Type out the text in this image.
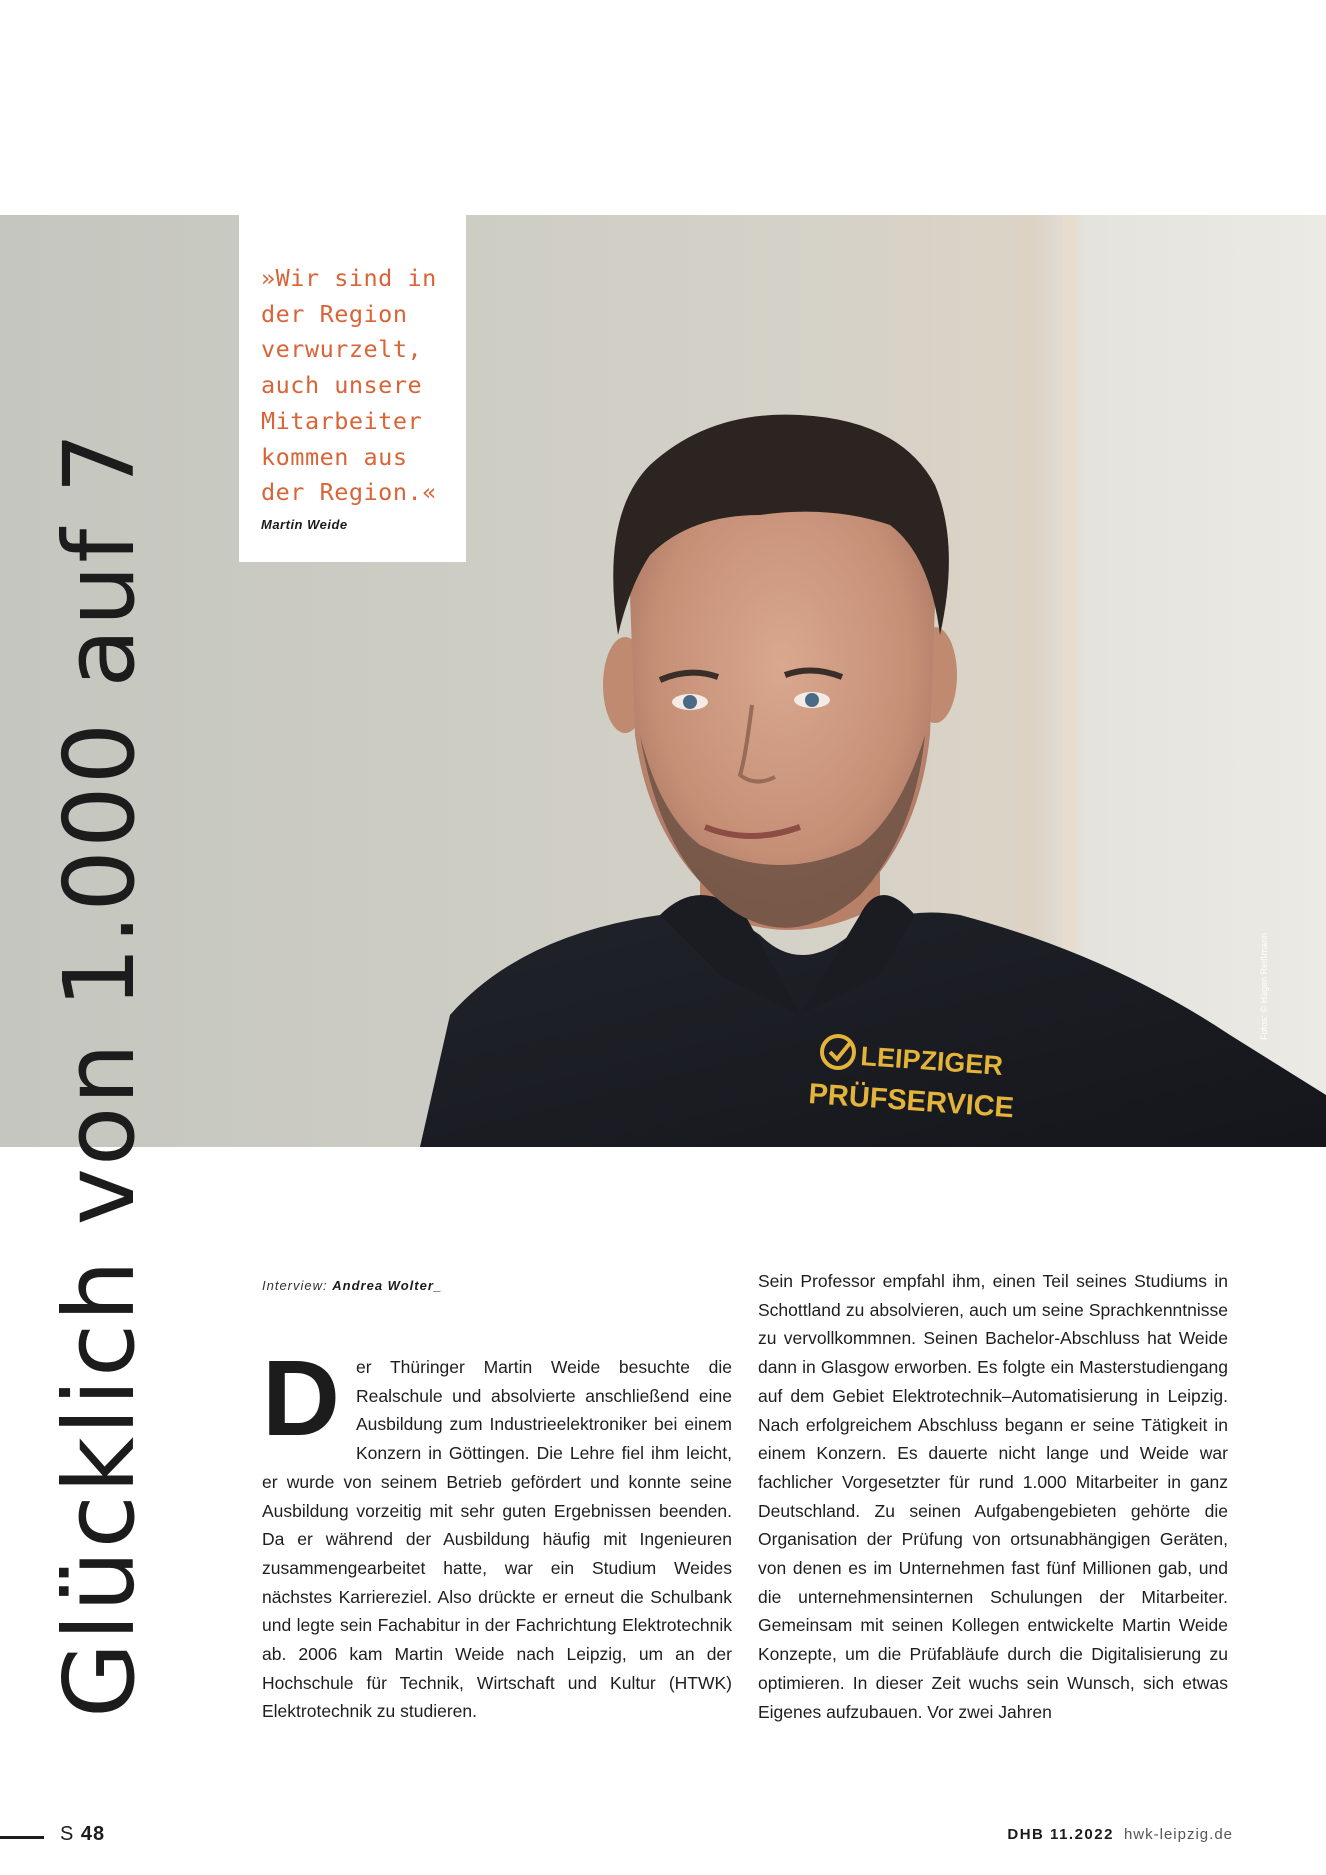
LEIPZIGER
PRÜFSERVICE
Fotos: © Hagen Reißmann
Glücklich von 1.000 auf 7

»Wir sind in
der Region
verwurzelt,
auch unsere
Mitarbeiter
kommen aus
der Region.«

Martin Weide
Interview: Andrea Wolter_
D er Thüringer Martin Weide besuchte die Realschule und absolvierte anschließend eine Ausbildung zum Industrieelektroniker bei einem Konzern in Göttingen. Die Lehre fiel ihm leicht, er wurde von seinem Betrieb gefördert und konnte seine Ausbildung vorzeitig mit sehr guten Ergebnissen beenden. Da er während der Ausbildung häufig mit Ingenieuren zusammengearbeitet hatte, war ein Studium Weides nächstes Karriereziel. Also drückte er erneut die Schulbank und legte sein Fachabitur in der Fachrichtung Elektrotechnik ab. 2006 kam Martin Weide nach Leipzig, um an der Hochschule für Technik, Wirtschaft und Kultur (HTWK) Elektrotechnik zu studieren.
Sein Professor empfahl ihm, einen Teil seines Studiums in Schottland zu absolvieren, auch um seine Sprachkenntnisse zu vervollkommnen. Seinen Bachelor-Abschluss hat Weide dann in Glasgow erworben. Es folgte ein Masterstudiengang auf dem Gebiet Elektrotechnik–Automatisierung in Leipzig. Nach erfolgreichem Abschluss begann er seine Tätigkeit in einem Konzern. Es dauerte nicht lange und Weide war fachlicher Vorgesetzter für rund 1.000 Mitarbeiter in ganz Deutschland. Zu seinen Aufgabengebieten gehörte die Organisation der Prüfung von ortsunabhängigen Geräten, von denen es im Unternehmen fast fünf Millionen gab, und die unternehmensinternen Schulungen der Mitarbeiter. Gemeinsam mit seinen Kollegen entwickelte Martin Weide Konzepte, um die Prüfabläufe durch die Digitalisierung zu optimieren. In dieser Zeit wuchs sein Wunsch, sich etwas Eigenes aufzubauen. Vor zwei Jahren
S 48	DHB 11.2022 hwk-leipzig.de
